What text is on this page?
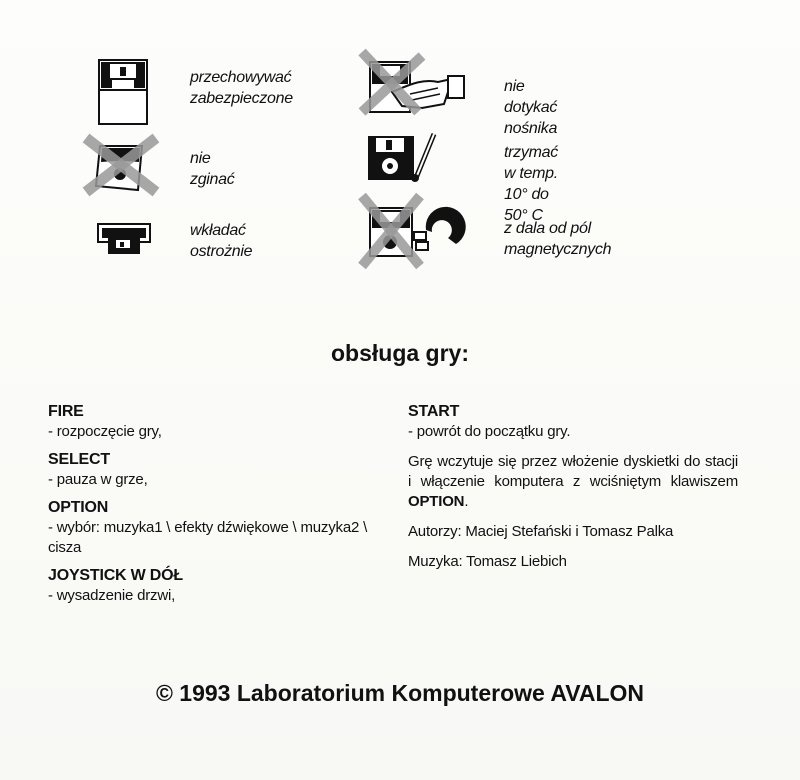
przechowywać
zabezpieczone
nie dotykać
nośnika
nie zginać
trzymać
w temp. 10° do 50° C
wkładać
ostrożnie
z dala od pól
magnetycznych
obsługa gry:
FIRE
- rozpoczęcie gry,
SELECT
- pauza w grze,
OPTION
- wybór: muzyka1 \ efekty dźwiękowe \ muzyka2 \ cisza
JOYSTICK W DÓŁ
- wysadzenie drzwi,
START
- powrót do początku gry.
Grę wczytuje się przez włożenie dyskietki do stacji i włączenie komputera z wciśniętym klawiszem OPTION.
Autorzy: Maciej Stefański i Tomasz Palka
Muzyka: Tomasz Liebich
© 1993 Laboratorium Komputerowe AVALON
